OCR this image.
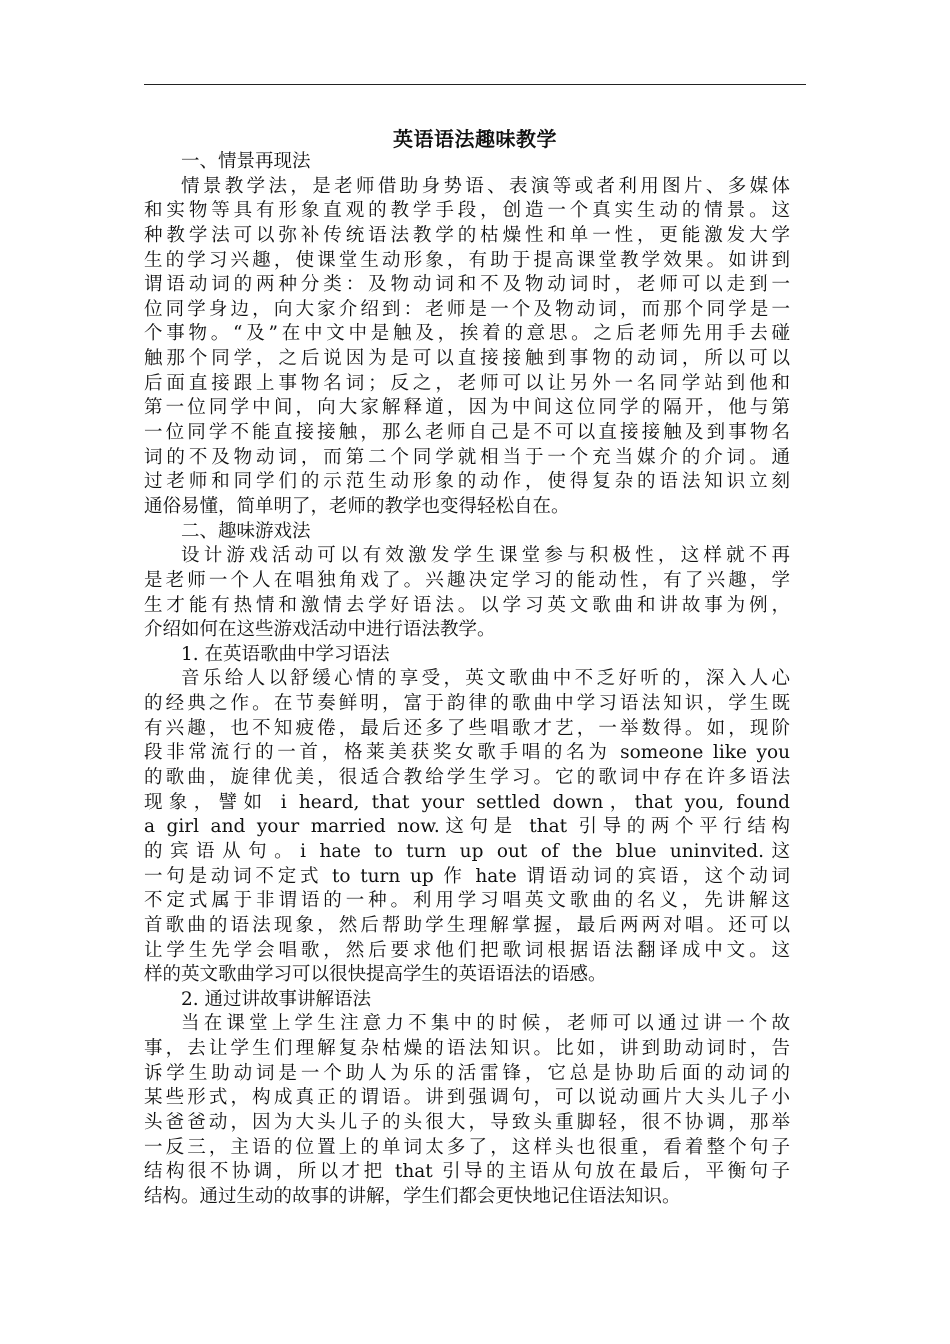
英语语法趣味教学
一、情景再现法
情景教学法，是老师借助身势语、表演等或者利用图片、多媒体
和实物等具有形象直观的教学手段，创造一个真实生动的情景。这
种教学法可以弥补传统语法教学的枯燥性和单一性，更能激发大学
生的学习兴趣，使课堂生动形象，有助于提高课堂教学效果。如讲到
谓语动词的两种分类：及物动词和不及物动词时，老师可以走到一
位同学身边，向大家介绍到：老师是一个及物动词，而那个同学是一
个事物。“及”在中文中是触及，挨着的意思。之后老师先用手去碰
触那个同学，之后说因为是可以直接接触到事物的动词，所以可以
后面直接跟上事物名词；反之，老师可以让另外一名同学站到他和
第一位同学中间，向大家解释道，因为中间这位同学的隔开，他与第
一位同学不能直接接触，那么老师自己是不可以直接接触及到事物名
词的不及物动词，而第二个同学就相当于一个充当媒介的介词。通
过老师和同学们的示范生动形象的动作，使得复杂的语法知识立刻
通俗易懂，简单明了，老师的教学也变得轻松自在。
二、趣味游戏法
设计游戏活动可以有效激发学生课堂参与积极性，这样就不再
是老师一个人在唱独角戏了。兴趣决定学习的能动性，有了兴趣，学
生才能有热情和激情去学好语法。以学习英文歌曲和讲故事为例，
介绍如何在这些游戏活动中进行语法教学。
1. 在英语歌曲中学习语法
音乐给人以舒缓心情的享受，英文歌曲中不乏好听的，深入人心
的经典之作。在节奏鲜明，富于韵律的歌曲中学习语法知识，学生既
有兴趣，也不知疲倦，最后还多了些唱歌才艺，一举数得。如，现阶
段非常流行的一首，格莱美获奖女歌手唱的名为 someone like you
的歌曲，旋律优美，很适合教给学生学习。它的歌词中存在许多语法
现象，譬如 i heard, that your settled down，that you, found
a girl and your married now.这句是 that 引导的两个平行结构
的宾语从句。i hate to turn up out of the blue uninvited.这
一句是动词不定式 to turn up 作 hate 谓语动词的宾语，这个动词
不定式属于非谓语的一种。利用学习唱英文歌曲的名义，先讲解这
首歌曲的语法现象，然后帮助学生理解掌握，最后两两对唱。还可以
让学生先学会唱歌，然后要求他们把歌词根据语法翻译成中文。这
样的英文歌曲学习可以很快提高学生的英语语法的语感。
2. 通过讲故事讲解语法
当在课堂上学生注意力不集中的时候，老师可以通过讲一个故
事，去让学生们理解复杂枯燥的语法知识。比如，讲到助动词时，告
诉学生助动词是一个助人为乐的活雷锋，它总是协助后面的动词的
某些形式，构成真正的谓语。讲到强调句，可以说动画片大头儿子小
头爸爸动，因为大头儿子的头很大，导致头重脚轻，很不协调，那举
一反三，主语的位置上的单词太多了，这样头也很重，看着整个句子
结构很不协调，所以才把 that 引导的主语从句放在最后，平衡句子
结构。通过生动的故事的讲解，学生们都会更快地记住语法知识。
